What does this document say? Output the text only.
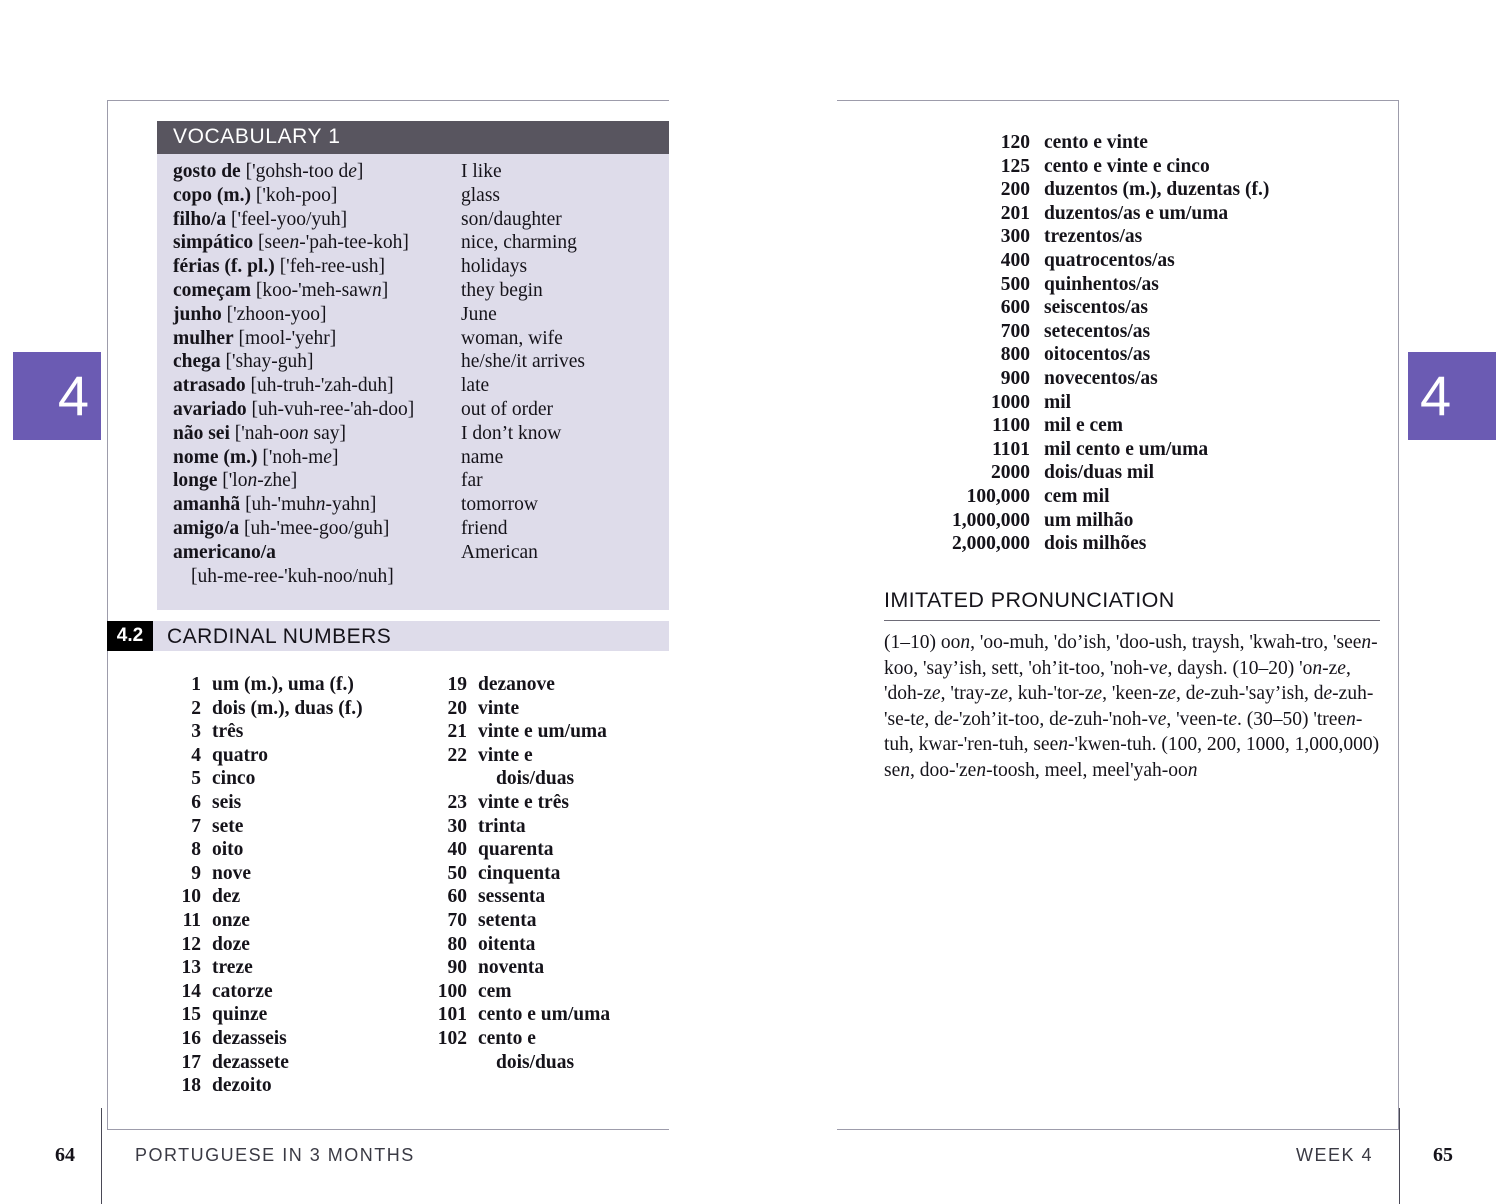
4	4
VOCABULARY 1
gosto de ['gohsh-too de]	I like
copo (m.) ['koh-poo]	glass
filho/a ['feel-yoo/yuh]	son/daughter
simpático [seen-'pah-tee-koh]	nice, charming
férias (f. pl.) ['feh-ree-ush]	holidays
começam [koo-'meh-sawn]	they begin
junho ['zhoon-yoo]	June
mulher [mool-'yehr]	woman, wife
chega ['shay-guh]	he/she/it arrives
atrasado [uh-truh-'zah-duh]	late
avariado [uh-vuh-ree-'ah-doo]	out of order
não sei ['nah-oon say]	I don’t know
nome (m.) ['noh-me]	name
longe ['lon-zhe]	far
amanhã [uh-'muhn-yahn]	tomorrow
amigo/a [uh-'mee-goo/guh]	friend
americano/a	American
[uh-me-ree-'kuh-noo/nuh]
4.2	CARDINAL NUMBERS
1 um (m.), uma (f.)
2 dois (m.), duas (f.)
3 três
4 quatro
5 cinco
6 seis
7 sete
8 oito
9 nove
10 dez
11 onze
12 doze
13 treze
14 catorze
15 quinze
16 dezasseis
17 dezassete
18 dezoito
19 dezanove
20 vinte
21 vinte e um/uma
22 vinte e
dois/duas
23 vinte e três
30 trinta
40 quarenta
50 cinquenta
60 sessenta
70 setenta
80 oitenta
90 noventa
100 cem
101 cento e um/uma
102 cento e
dois/duas
64	PORTUGUESE IN 3 MONTHS
120 cento e vinte
125 cento e vinte e cinco
200 duzentos (m.), duzentas (f.)
201 duzentos/as e um/uma
300 trezentos/as
400 quatrocentos/as
500 quinhentos/as
600 seiscentos/as
700 setecentos/as
800 oitocentos/as
900 novecentos/as
1000 mil
1100 mil e cem
1101 mil cento e um/uma
2000 dois/duas mil
100,000 cem mil
1,000,000 um milhão
2,000,000 dois milhões
IMITATED PRONUNCIATION
(1–10) oon, 'oo-muh, 'do’ish, 'doo-ush, traysh, 'kwah-tro, 'seen-koo, 'say’ish, sett, 'oh’it-too, 'noh-ve, daysh. (10–20) 'on-ze, 'doh-ze, 'tray-ze, kuh-'tor-ze, 'keen-ze, de-zuh-'say’ish, de-zuh-'se-te, de-'zoh’it-too, de-zuh-'noh-ve, 'veen-te. (30–50) 'treen-tuh, kwar-'ren-tuh, seen-'kwen-tuh. (100, 200, 1000, 1,000,000) sen, doo-'zen-toosh, meel, meel'yah-oon
WEEK 4	65
